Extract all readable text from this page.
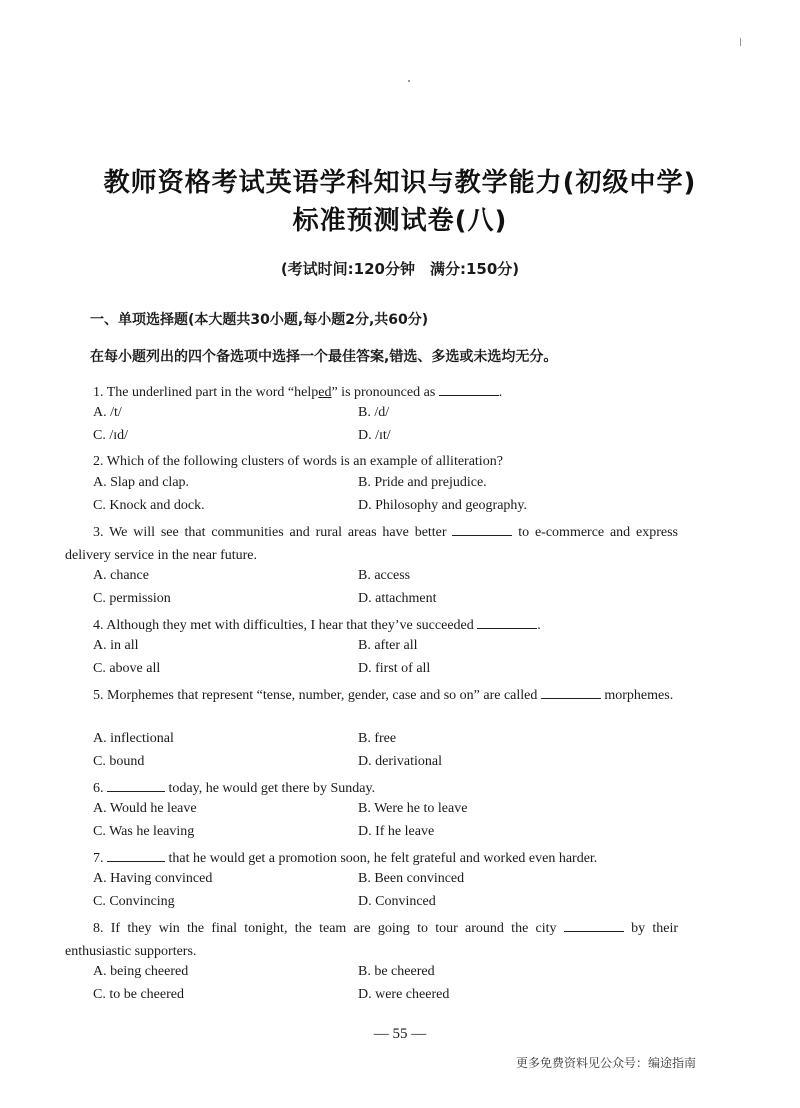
教师资格考试英语学科知识与教学能力(初级中学)
标准预测试卷(八)
(考试时间:120分钟　满分:150分)
一、单项选择题(本大题共30小题,每小题2分,共60分)
在每小题列出的四个备选项中选择一个最佳答案,错选、多选或未选均无分。
1. The underlined part in the word “helped” is pronounced as	.
A. /t/	B. /d/
C. /ɪd/	D. /ɪt/
2. Which of the following clusters of words is an example of alliteration?
A. Slap and clap.	B. Pride and prejudice.
C. Knock and dock.	D. Philosophy and geography.
3. We will see that communities and rural areas have better	to e-commerce and express delivery service in the near future.
A. chance	B. access
C. permission	D. attachment
4. Although they met with difficulties, I hear that they’ve succeeded	.
A. in all	B. after all
C. above all	D. first of all
5. Morphemes that represent “tense, number, gender, case and so on” are called	morphemes.
A. inflectional	B. free
C. bound	D. derivational
6.	today, he would get there by Sunday.
A. Would he leave	B. Were he to leave
C. Was he leaving	D. If he leave
7.	that he would get a promotion soon, he felt grateful and worked even harder.
A. Having convinced	B. Been convinced
C. Convincing	D. Convinced
8. If they win the final tonight, the team are going to tour around the city	by their enthusiastic supporters.
A. being cheered	B. be cheered
C. to be cheered	D. were cheered
— 55 —
更多免费资料见公众号：编途指南
